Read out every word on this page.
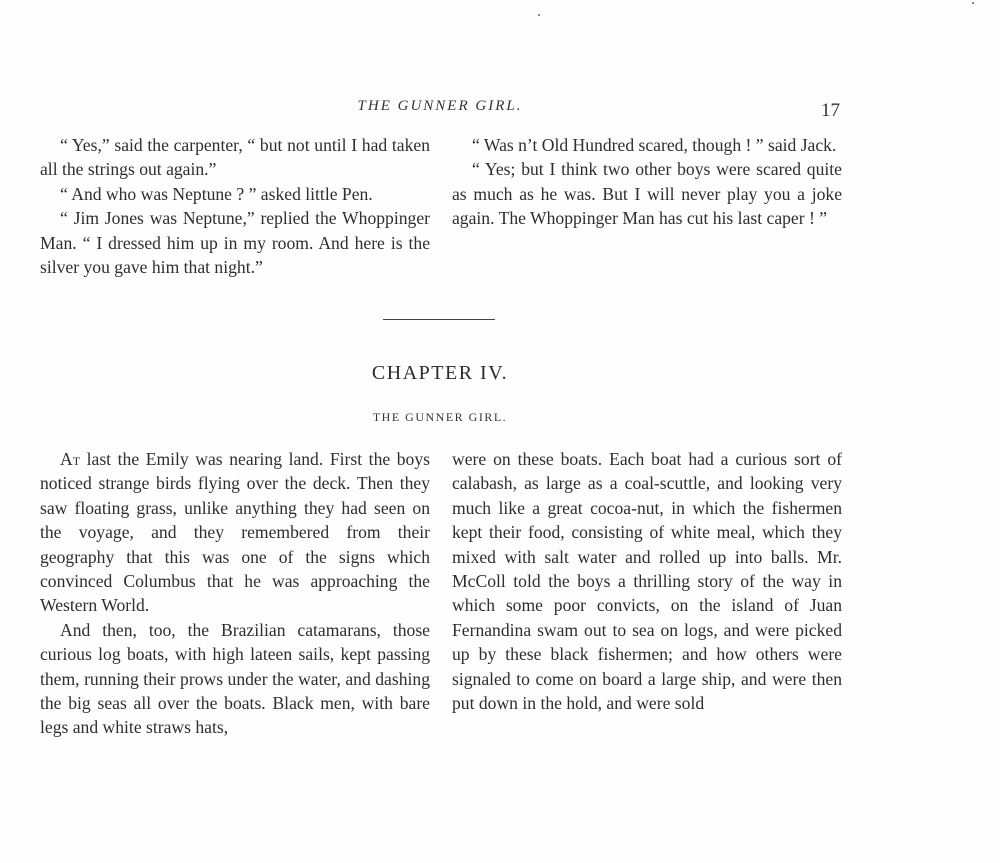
THE GUNNER GIRL.	17

“ Yes,” said the carpenter, “ but not until I had taken all the strings out again.”

“ And who was Neptune ? ” asked little Pen.

“ Jim Jones was Neptune,” replied the Whoppinger Man. “ I dressed him up in my room. And here is the silver you gave him that night.”

“ Was n’t Old Hundred scared, though ! ” said Jack.

“ Yes; but I think two other boys were scared quite as much as he was. But I will never play you a joke again. The Whoppinger Man has cut his last caper ! ”

CHAPTER IV.
THE GUNNER GIRL.

At last the Emily was nearing land. First the boys noticed strange birds flying over the deck. Then they saw floating grass, unlike anything they had seen on the voyage, and they remembered from their geography that this was one of the signs which convinced Columbus that he was approaching the Western World.

And then, too, the Brazilian catamarans, those curious log boats, with high lateen sails, kept passing them, running their prows under the water, and dashing the big seas all over the boats. Black men, with bare legs and white straws hats,

were on these boats. Each boat had a curious sort of calabash, as large as a coal-scuttle, and looking very much like a great cocoa-nut, in which the fishermen kept their food, consisting of white meal, which they mixed with salt water and rolled up into balls. Mr. McColl told the boys a thrilling story of the way in which some poor convicts, on the island of Juan Fernandina swam out to sea on logs, and were picked up by these black fishermen; and how others were signaled to come on board a large ship, and were then put down in the hold, and were sold
